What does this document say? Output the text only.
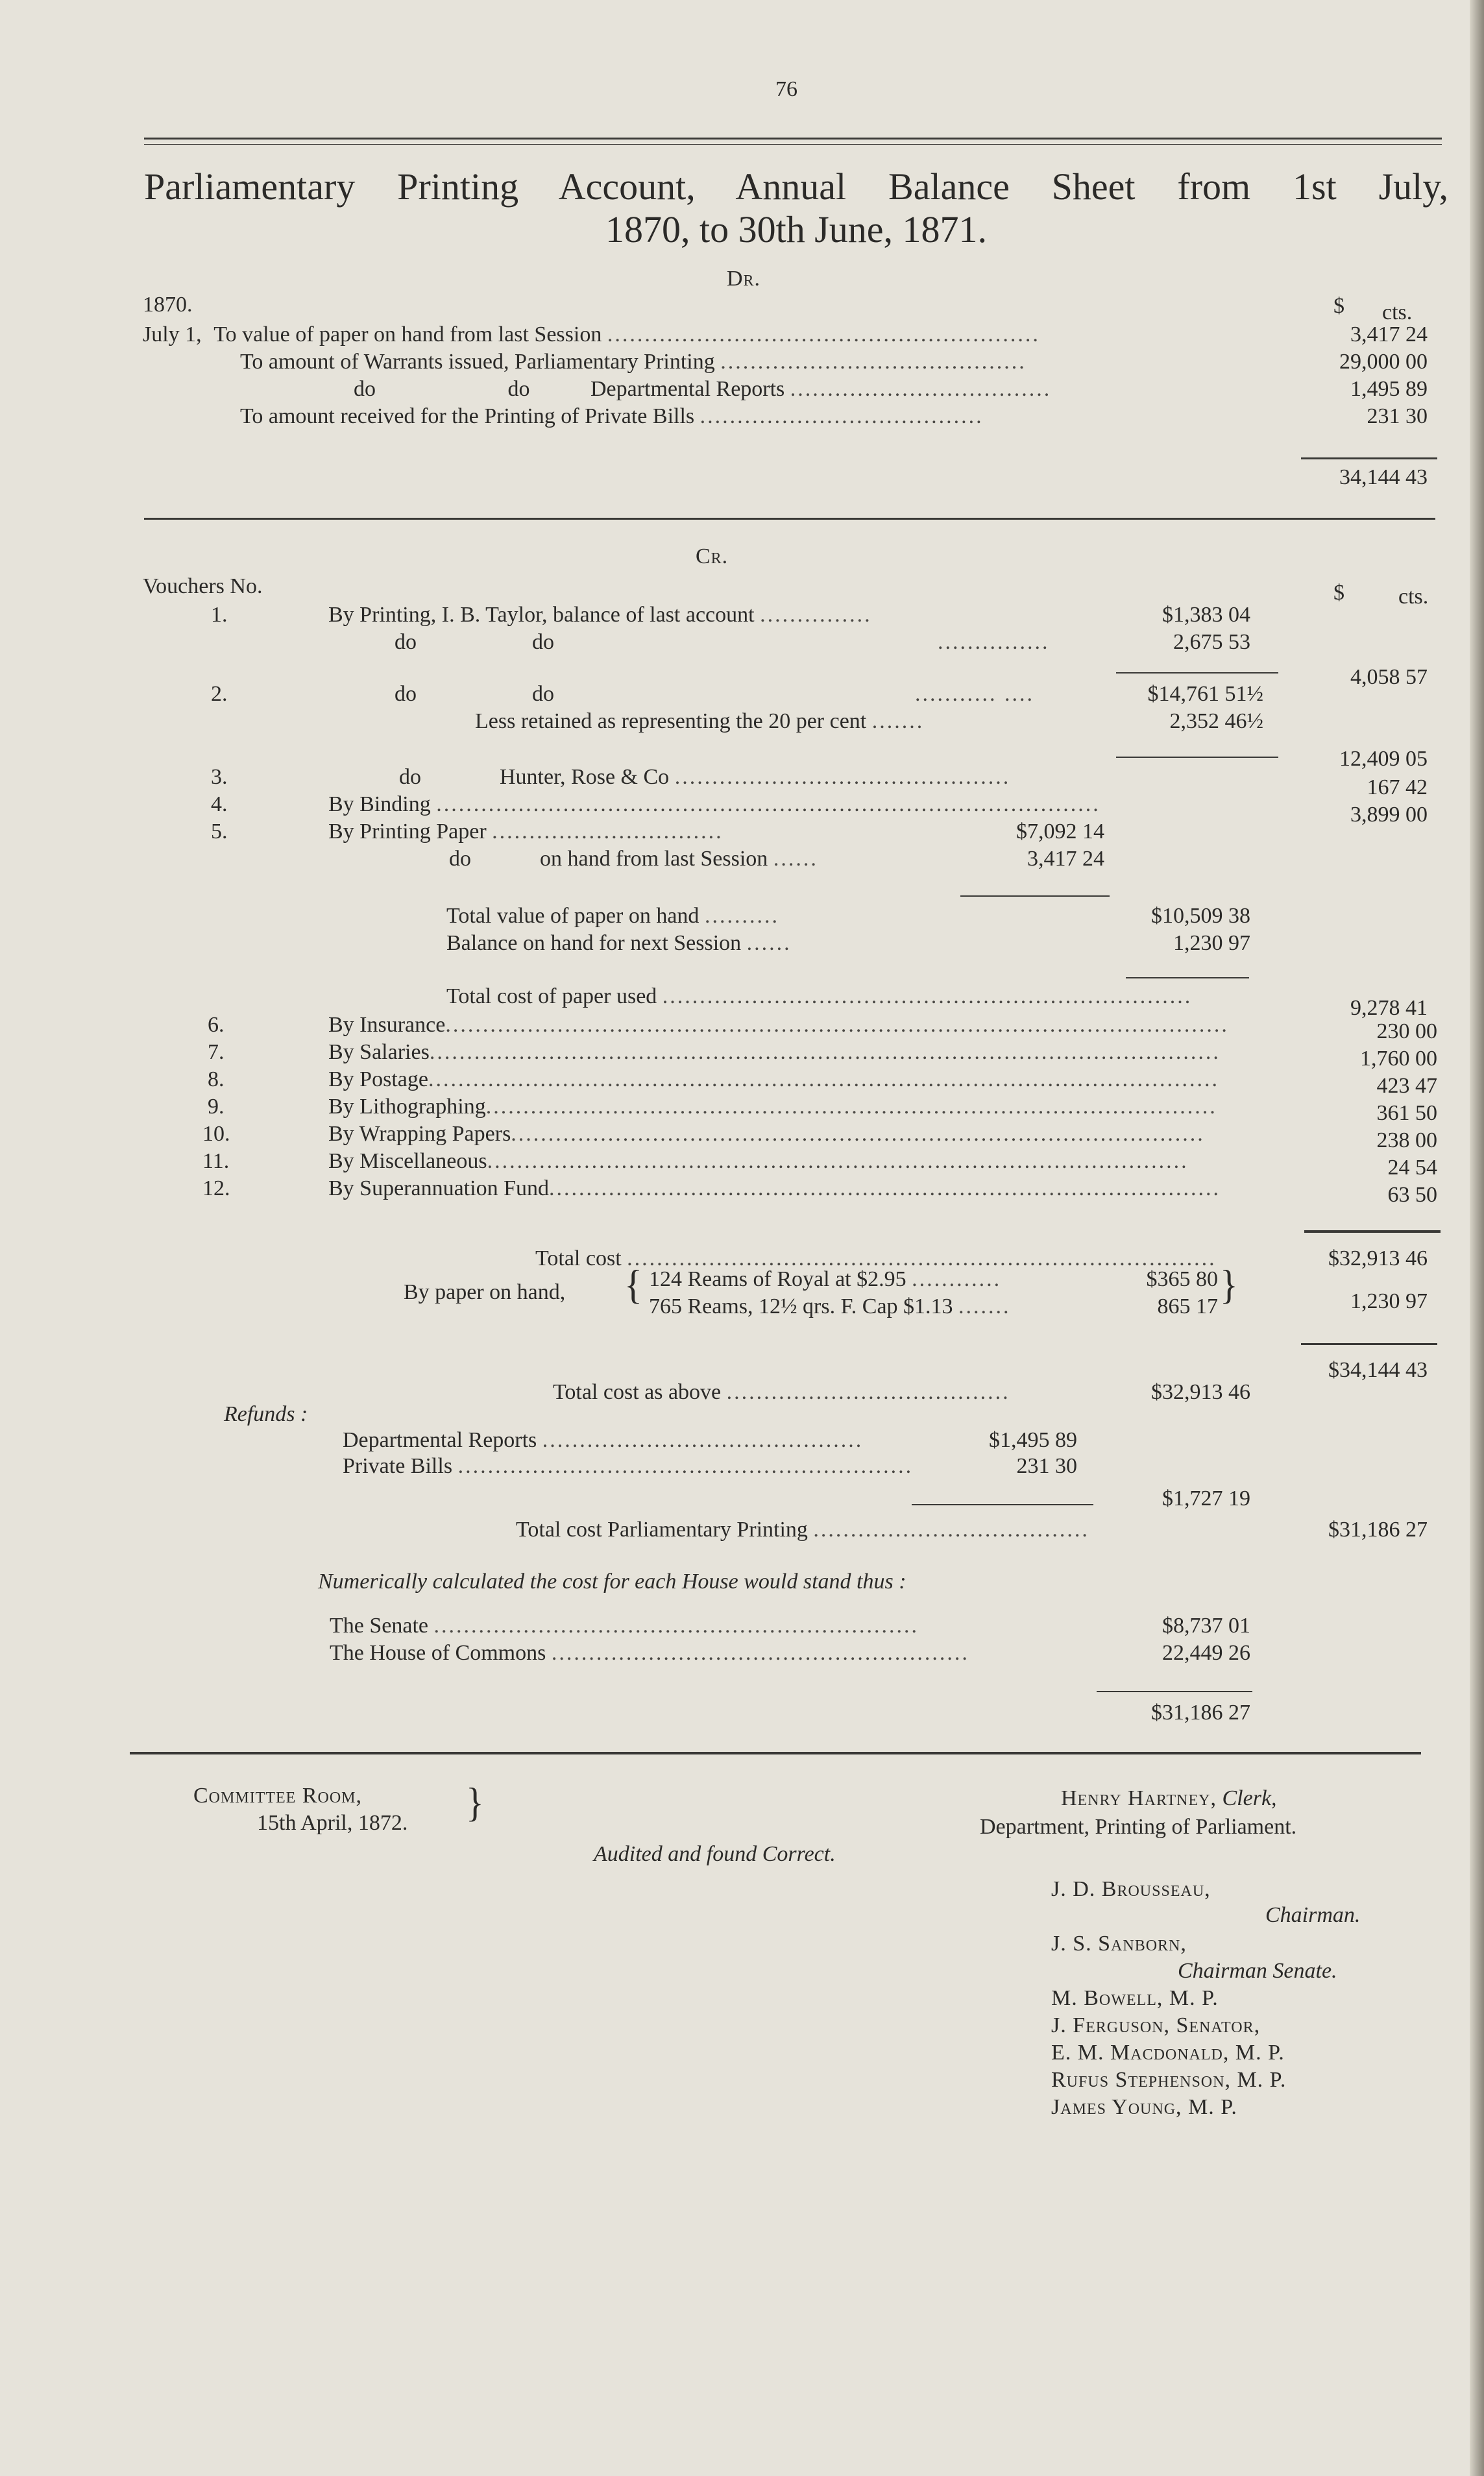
76
Parliamentary Printing Account, Annual Balance Sheet from 1st July,
1870, to 30th June, 1871.
Dr.
1870.	$ cts.
July 1, To value of paper on hand from last Session ..........................................................	3,417 24
To amount of Warrants issued, Parliamentary Printing .........................................	29,000 00
do	do	Departmental Reports ...................................	1,495 89
To amount received for the Printing of Private Bills ......................................	231 30
34,144 43
Cr.
Vouchers No.	$ cts.
1.	By Printing, I. B. Taylor, balance of last account ...............	$1,383 04
do	do	...............	2,675 53
4,058 57
2.	do	do	........... ....	$14,761 51½
Less retained as representing the 20 per cent .......	2,352 46½
12,409 05
3.	do	Hunter, Rose & Co .............................................	167 42
4.	By Binding .........................................................................................	3,899 00
5.	By Printing Paper ...............................	$7,092 14
do	on hand from last Session ......	3,417 24
Total value of paper on hand ..........	$10,509 38
Balance on hand for next Session ......	1,230 97
Total cost of paper used .......................................................................	9,278 41
6.	By Insurance.........................................................................................................	230 00
7.	By Salaries..........................................................................................................	1,760 00
8.	By Postage..........................................................................................................	423 47
9.	By Lithographing..................................................................................................	361 50
10.	By Wrapping Papers.............................................................................................	238 00
11.	By Miscellaneous..............................................................................................	24 54
12.	By Superannuation Fund..........................................................................................	63 50
Total cost ...............................................................................	$32,913 46
By paper on hand, { 124 Reams of Royal at $2.95 ............	$365 80
765 Reams, 12½ qrs. F. Cap $1.13 .......	865 17 }	1,230 97
$34,144 43
Total cost as above ......................................	$32,913 46
Refunds :
Departmental Reports ...........................................	$1,495 89
Private Bills .............................................................	231 30
$1,727 19
Total cost Parliamentary Printing .....................................	$31,186 27
Numerically calculated the cost for each House would stand thus :
The Senate .................................................................	$8,737 01
The House of Commons ........................................................	22,449 26
$31,186 27
Committee Room,
15th April, 1872. }
Audited and found Correct.
Henry Hartney, Clerk,
Department, Printing of Parliament.
J. D. Brousseau,
Chairman.
J. S. Sanborn,
Chairman Senate.
M. Bowell, M. P.
J. Ferguson, Senator,
E. M. Macdonald, M. P.
Rufus Stephenson, M. P.
James Young, M. P.
